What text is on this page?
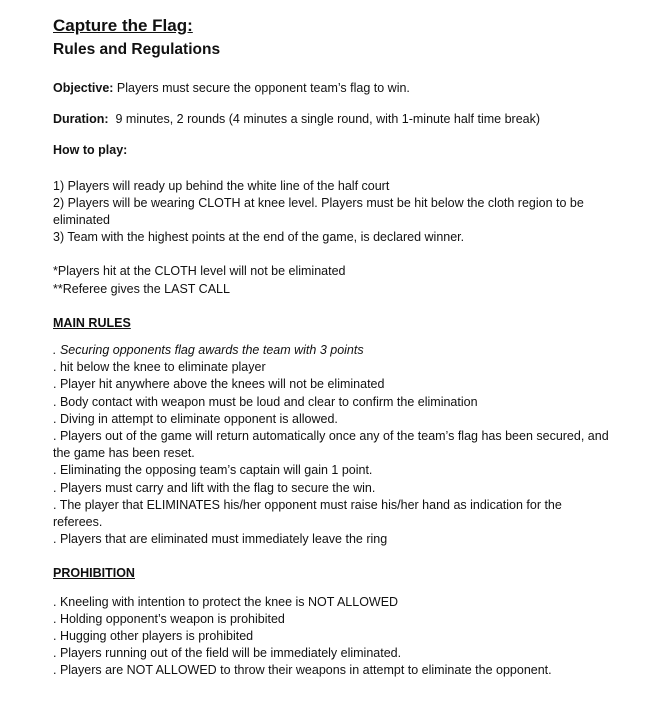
Capture the Flag:
Rules and Regulations

Objective: Players must secure the opponent team’s flag to win.

Duration:  9 minutes, 2 rounds (4 minutes a single round, with 1-minute half time break)

How to play:

1) Players will ready up behind the white line of the half court

2) Players will be wearing CLOTH at knee level. Players must be hit below the cloth region to be eliminated

3) Team with the highest points at the end of the game, is declared winner.

*Players hit at the CLOTH level will not be eliminated

**Referee gives the LAST CALL

MAIN RULES

. Securing opponents flag awards the team with 3 points

. hit below the knee to eliminate player

. Player hit anywhere above the knees will not be eliminated

. Body contact with weapon must be loud and clear to confirm the elimination

. Diving in attempt to eliminate opponent is allowed.

. Players out of the game will return automatically once any of the team’s flag has been secured, and the game has been reset.

. Eliminating the opposing team’s captain will gain 1 point.

. Players must carry and lift with the flag to secure the win.

. The player that ELIMINATES his/her opponent must raise his/her hand as indication for the referees.

. Players that are eliminated must immediately leave the ring

PROHIBITION

. Kneeling with intention to protect the knee is NOT ALLOWED

. Holding opponent’s weapon is prohibited

. Hugging other players is prohibited

. Players running out of the field will be immediately eliminated.

. Players are NOT ALLOWED to throw their weapons in attempt to eliminate the opponent.
